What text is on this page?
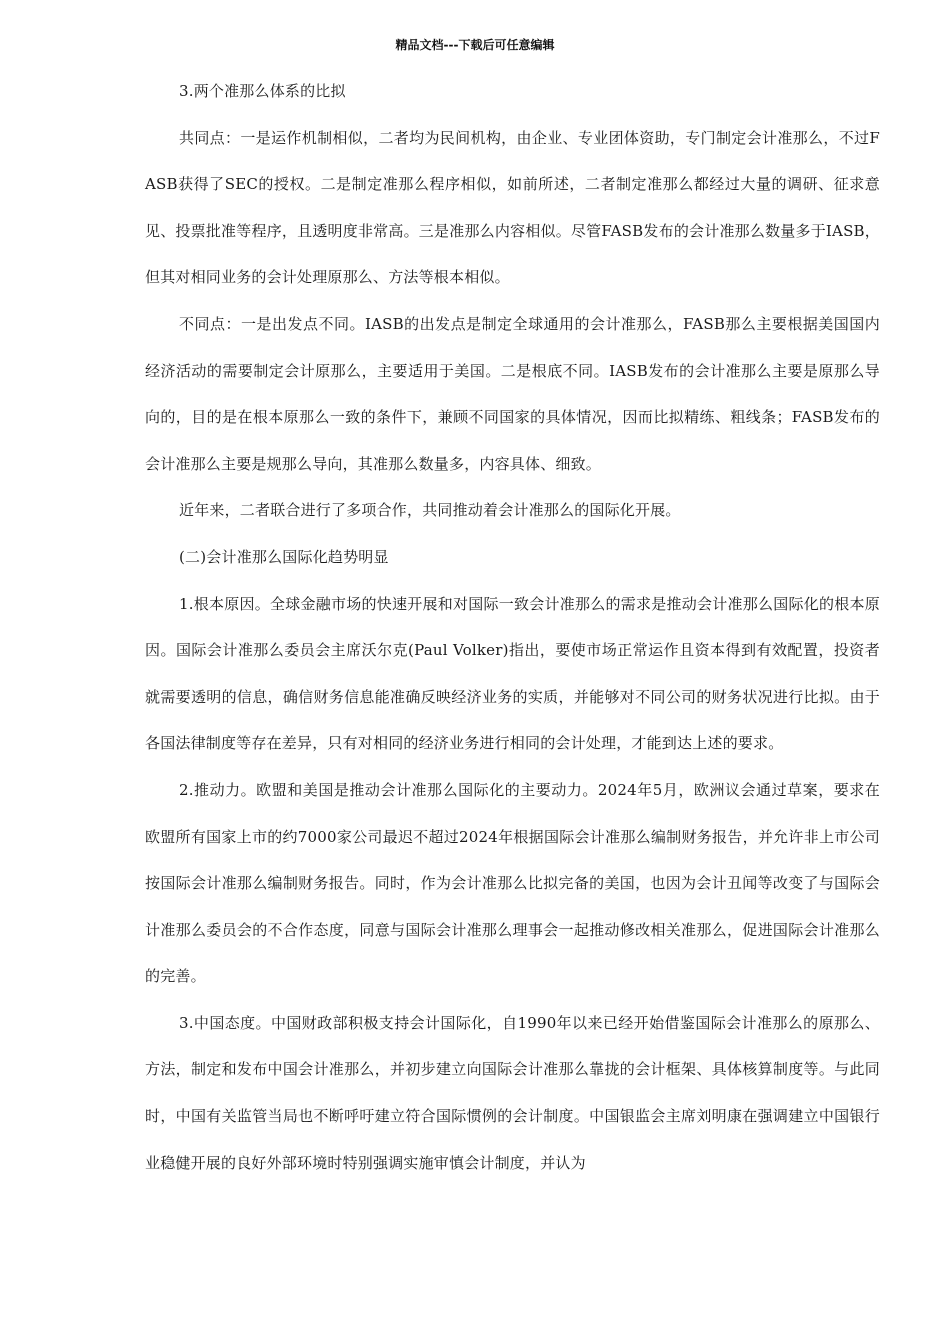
精品文档---下载后可任意编辑

3.两个准那么体系的比拟

共同点：一是运作机制相似，二者均为民间机构，由企业、专业团体资助，专门制定会计准那么，不过FASB获得了SEC的授权。二是制定准那么程序相似，如前所述，二者制定准那么都经过大量的调研、征求意见、投票批准等程序，且透明度非常高。三是准那么内容相似。尽管FASB发布的会计准那么数量多于IASB，但其对相同业务的会计处理原那么、方法等根本相似。

不同点：一是出发点不同。IASB的出发点是制定全球通用的会计准那么，FASB那么主要根据美国国内经济活动的需要制定会计原那么，主要适用于美国。二是根底不同。IASB发布的会计准那么主要是原那么导向的，目的是在根本原那么一致的条件下，兼顾不同国家的具体情况，因而比拟精练、粗线条；FASB发布的会计准那么主要是规那么导向，其准那么数量多，内容具体、细致。

近年来，二者联合进行了多项合作，共同推动着会计准那么的国际化开展。

(二)会计准那么国际化趋势明显

1.根本原因。全球金融市场的快速开展和对国际一致会计准那么的需求是推动会计准那么国际化的根本原因。国际会计准那么委员会主席沃尔克(Paul Volker)指出，要使市场正常运作且资本得到有效配置，投资者就需要透明的信息，确信财务信息能准确反映经济业务的实质，并能够对不同公司的财务状况进行比拟。由于各国法律制度等存在差异，只有对相同的经济业务进行相同的会计处理，才能到达上述的要求。

2.推动力。欧盟和美国是推动会计准那么国际化的主要动力。2024年5月，欧洲议会通过草案，要求在欧盟所有国家上市的约7000家公司最迟不超过2024年根据国际会计准那么编制财务报告，并允许非上市公司按国际会计准那么编制财务报告。同时，作为会计准那么比拟完备的美国，也因为会计丑闻等改变了与国际会计准那么委员会的不合作态度，同意与国际会计准那么理事会一起推动修改相关准那么，促进国际会计准那么的完善。

3.中国态度。中国财政部积极支持会计国际化，自1990年以来已经开始借鉴国际会计准那么的原那么、方法，制定和发布中国会计准那么，并初步建立向国际会计准那么靠拢的会计框架、具体核算制度等。与此同时，中国有关监管当局也不断呼吁建立符合国际惯例的会计制度。中国银监会主席刘明康在强调建立中国银行业稳健开展的良好外部环境时特别强调实施审慎会计制度，并认为
